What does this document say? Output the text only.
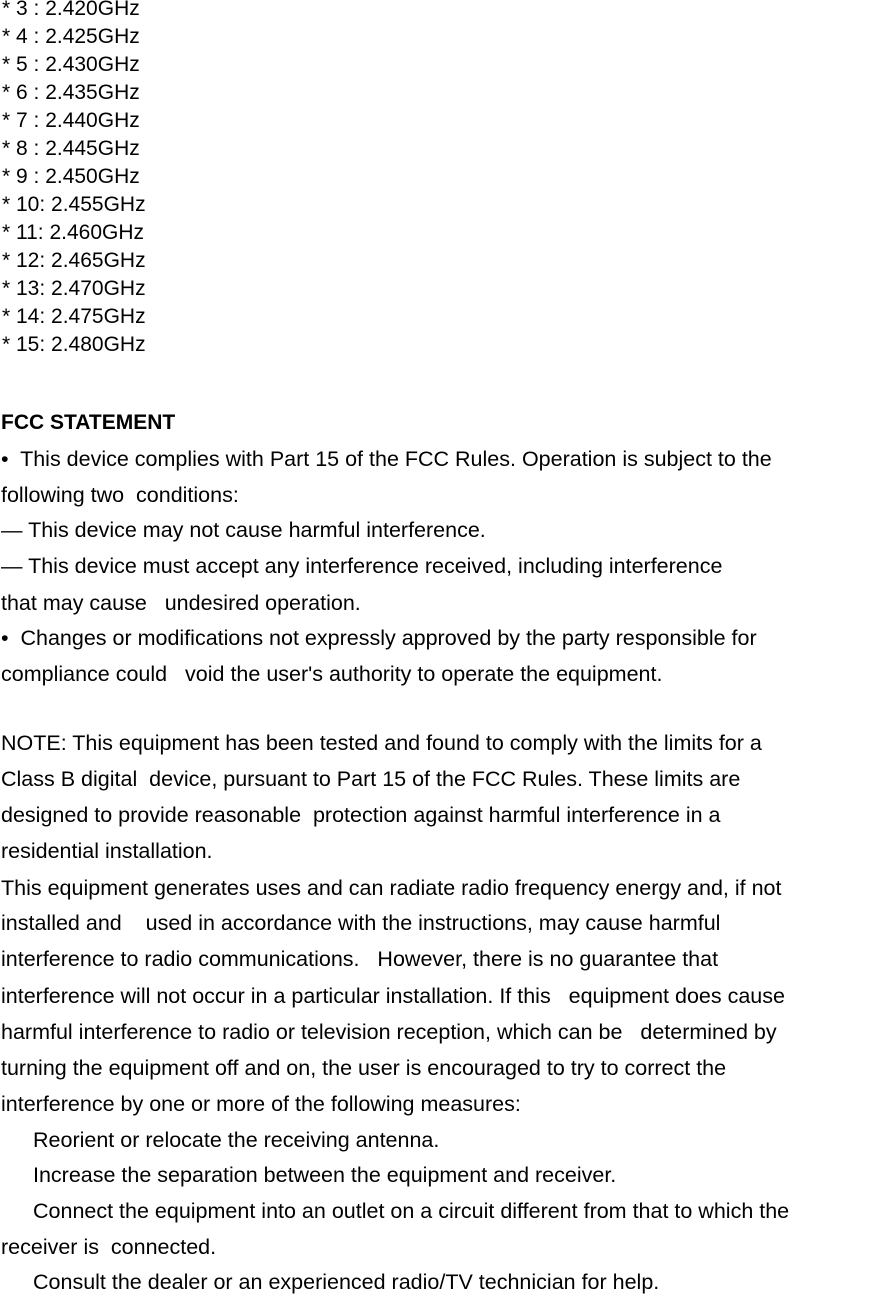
* 3 : 2.420GHz
* 4 : 2.425GHz
* 5 : 2.430GHz
* 6 : 2.435GHz
* 7 : 2.440GHz
* 8 : 2.445GHz
* 9 : 2.450GHz
* 10: 2.455GHz
* 11: 2.460GHz
* 12: 2.465GHz
* 13: 2.470GHz
* 14: 2.475GHz
* 15: 2.480GHz
FCC STATEMENT
•  This device complies with Part 15 of the FCC Rules. Operation is subject to the
following two  conditions:
— This device may not cause harmful interference.
— This device must accept any interference received, including interference
that may cause   undesired operation.
•  Changes or modifications not expressly approved by the party responsible for
compliance could   void the user's authority to operate the equipment.
NOTE: This equipment has been tested and found to comply with the limits for a
Class B digital  device, pursuant to Part 15 of the FCC Rules. These limits are
designed to provide reasonable  protection against harmful interference in a
residential installation.
This equipment generates uses and can radiate radio frequency energy and, if not
installed and    used in accordance with the instructions, may cause harmful
interference to radio communications.   However, there is no guarantee that
interference will not occur in a particular installation. If this   equipment does cause
harmful interference to radio or television reception, which can be   determined by
turning the equipment off and on, the user is encouraged to try to correct the
interference by one or more of the following measures:
Reorient or relocate the receiving antenna.
Increase the separation between the equipment and receiver.
Connect the equipment into an outlet on a circuit different from that to which the
receiver is  connected.
Consult the dealer or an experienced radio/TV technician for help.
